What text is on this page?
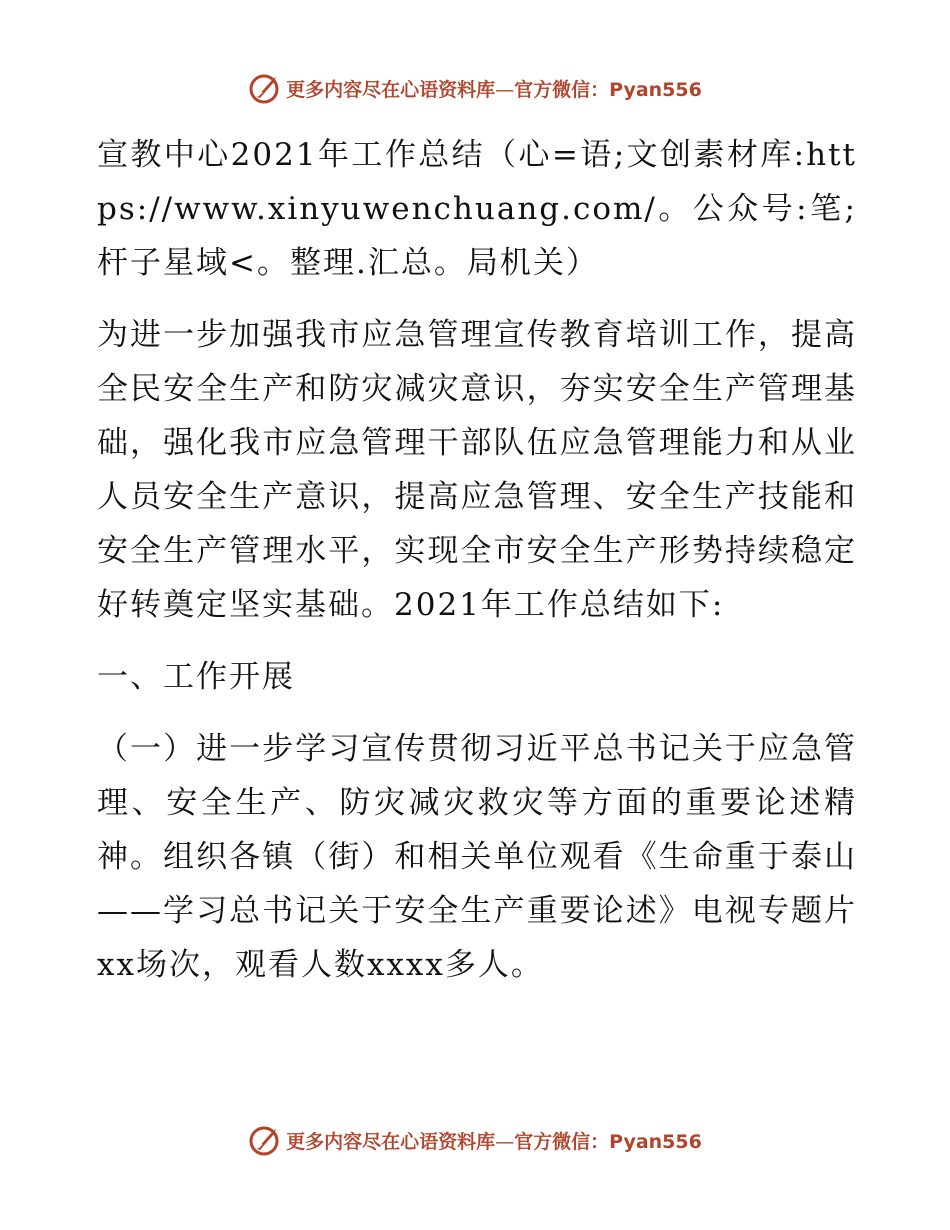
更多内容尽在心语资料库—官方微信：Pyan556

宣教中心2021年工作总结（心=语;文创素材库:https://www.xinyuwenchuang.com/。公众号:笔;杆子星域<。整理.汇总。局机关）

为进一步加强我市应急管理宣传教育培训工作，提高全民安全生产和防灾减灾意识，夯实安全生产管理基础，强化我市应急管理干部队伍应急管理能力和从业人员安全生产意识，提高应急管理、安全生产技能和安全生产管理水平，实现全市安全生产形势持续稳定好转奠定坚实基础。2021年工作总结如下:

一、工作开展

（一）进一步学习宣传贯彻习近平总书记关于应急管理、安全生产、防灾减灾救灾等方面的重要论述精神。组织各镇（街）和相关单位观看《生命重于泰山——学习总书记关于安全生产重要论述》电视专题片xx场次，观看人数xxxx多人。

更多内容尽在心语资料库—官方微信：Pyan556
